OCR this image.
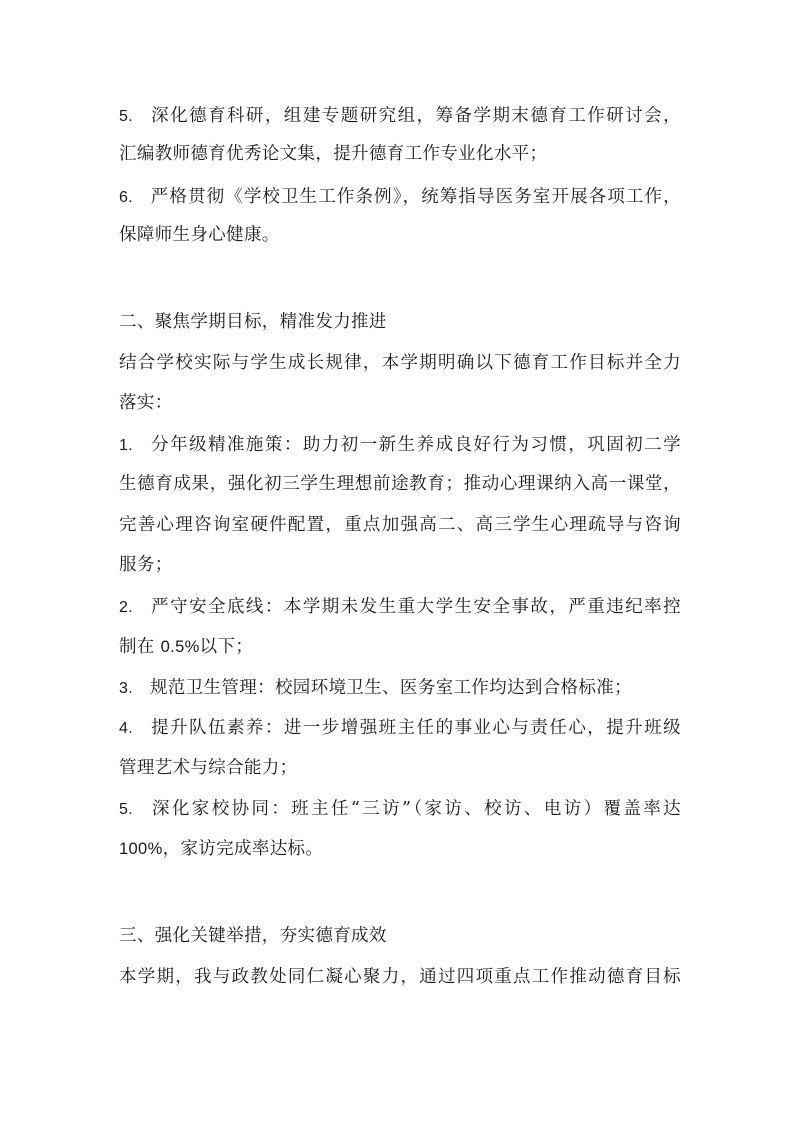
5. 深化德育科研，组建专题研究组，筹备学期末德育工作研讨会，
汇编教师德育优秀论文集，提升德育工作专业化水平；
6. 严格贯彻《学校卫生工作条例》，统筹指导医务室开展各项工作，
保障师生身心健康。
二、聚焦学期目标，精准发力推进
结合学校实际与学生成长规律，本学期明确以下德育工作目标并全力
落实：
1. 分年级精准施策：助力初一新生养成良好行为习惯，巩固初二学
生德育成果，强化初三学生理想前途教育；推动心理课纳入高一课堂，
完善心理咨询室硬件配置，重点加强高二、高三学生心理疏导与咨询
服务；
2. 严守安全底线：本学期未发生重大学生安全事故，严重违纪率控
制在 0.5%以下；
3. 规范卫生管理：校园环境卫生、医务室工作均达到合格标准；
4. 提升队伍素养：进一步增强班主任的事业心与责任心，提升班级
管理艺术与综合能力；
5. 深化家校协同：班主任“三访”（家访、校访、电访）覆盖率达
100%，家访完成率达标。
三、强化关键举措，夯实德育成效
本学期，我与政教处同仁凝心聚力，通过四项重点工作推动德育目标
